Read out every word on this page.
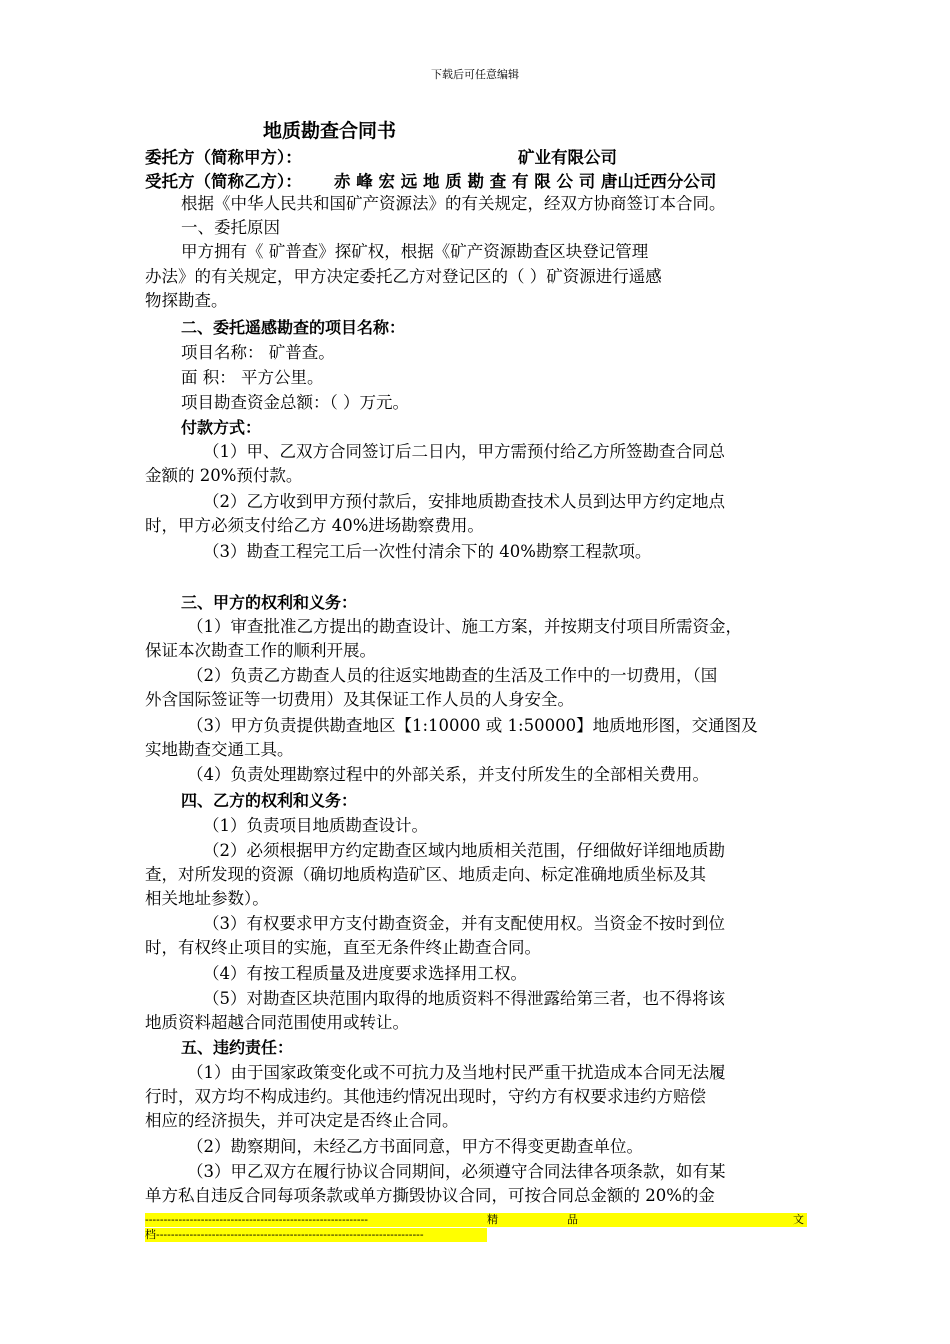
下载后可任意编辑
地质勘查合同书
委托方（简称甲方）：	矿业有限公司
受托方（简称乙方）： 赤 峰 宏 远 地 质 勘 查 有 限 公 司 唐山迁西分公司
根据《中华人民共和国矿产资源法》的有关规定，经双方协商签订本合同。
一、委托原因
甲方拥有《 矿普查》探矿权，根据《矿产资源勘查区块登记管理
办法》的有关规定，甲方决定委托乙方对登记区的（ ）矿资源进行遥感
物探勘查。
二、委托遥感勘查的项目名称：
项目名称： 矿普查。
面 积： 平方公里。
项目勘查资金总额：（ ）万元。
付款方式：
（1）甲、乙双方合同签订后二日内，甲方需预付给乙方所签勘查合同总
金额的 20%预付款。
（2）乙方收到甲方预付款后，安排地质勘查技术人员到达甲方约定地点
时，甲方必须支付给乙方 40%进场勘察费用。
（3）勘查工程完工后一次性付清余下的 40%勘察工程款项。
三、甲方的权利和义务：
（1）审查批准乙方提出的勘查设计、施工方案，并按期支付项目所需资金，
保证本次勘查工作的顺利开展。
（2）负责乙方勘查人员的往返实地勘查的生活及工作中的一切费用，（国
外含国际签证等一切费用）及其保证工作人员的人身安全。
（3）甲方负责提供勘查地区【1:10000 或 1:50000】地质地形图，交通图及
实地勘查交通工具。
（4）负责处理勘察过程中的外部关系，并支付所发生的全部相关费用。
四、乙方的权利和义务：
（1）负责项目地质勘查设计。
（2）必须根据甲方约定勘查区域内地质相关范围，仔细做好详细地质勘
查，对所发现的资源（确切地质构造矿区、地质走向、标定准确地质坐标及其
相关地址参数）。
（3）有权要求甲方支付勘查资金，并有支配使用权。当资金不按时到位
时，有权终止项目的实施，直至无条件终止勘查合同。
（4）有按工程质量及进度要求选择用工权。
（5）对勘查区块范围内取得的地质资料不得泄露给第三者，也不得将该
地质资料超越合同范围使用或转让。
五、违约责任：
（1）由于国家政策变化或不可抗力及当地村民严重干扰造成本合同无法履
行时，双方均不构成违约。其他违约情况出现时，守约方有权要求违约方赔偿
相应的经济损失，并可决定是否终止合同。
（2）勘察期间，未经乙方书面同意，甲方不得变更勘查单位。
（3）甲乙双方在履行协议合同期间，必须遵守合同法律各项条款，如有某
单方私自违反合同每项条款或单方撕毁协议合同，可按合同总金额的 20%的金
------------------------------------------------------------	精	品	文
档------------------------------------------------------------------------
